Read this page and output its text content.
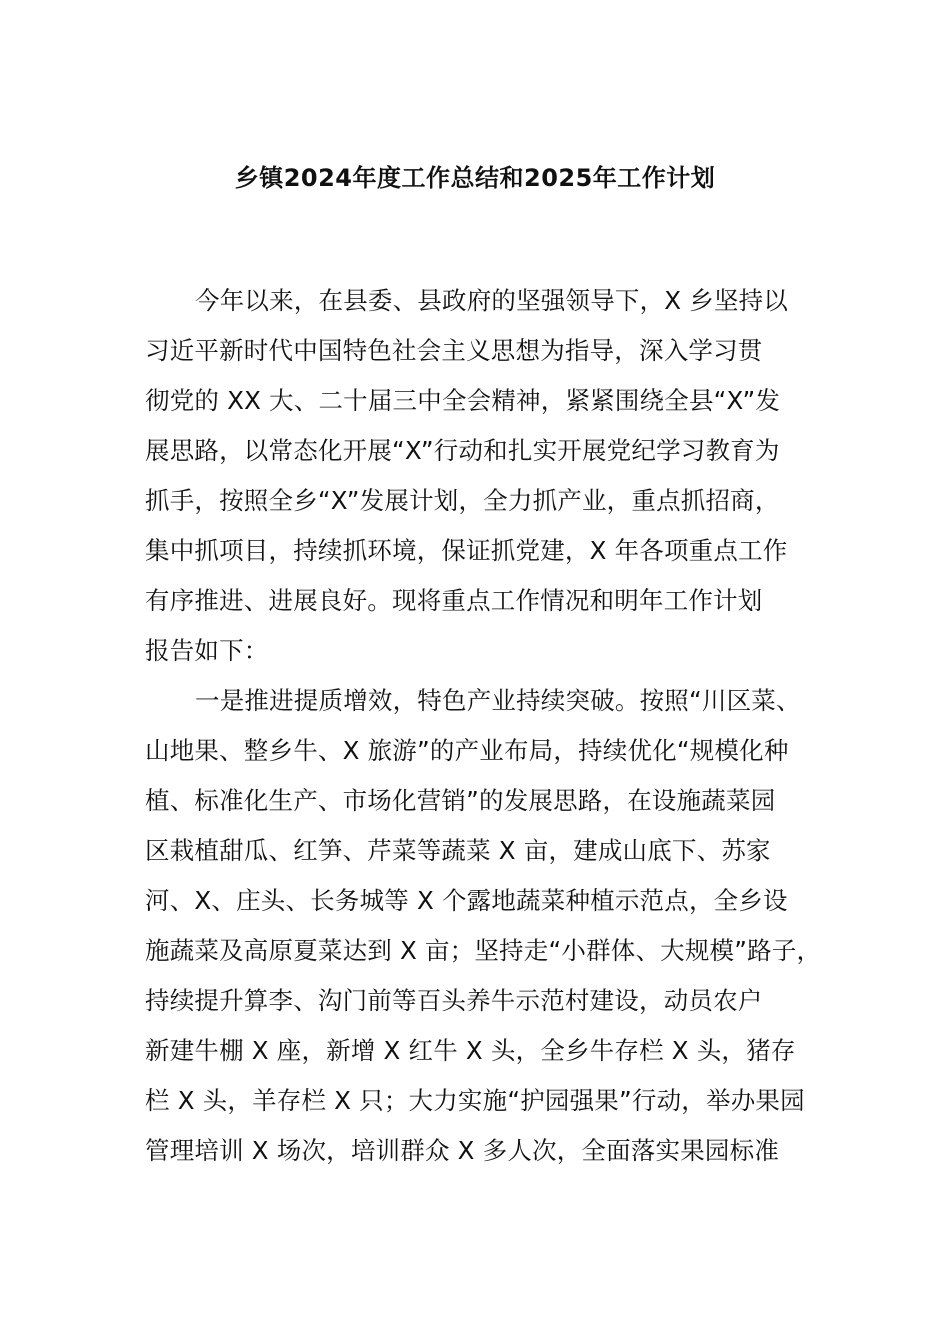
乡镇2024年度工作总结和2025年工作计划
今年以来，在县委、县政府的坚强领导下，X 乡坚持以
习近平新时代中国特色社会主义思想为指导，深入学习贯
彻党的 XX 大、二十届三中全会精神，紧紧围绕全县“X”发
展思路，以常态化开展“X”行动和扎实开展党纪学习教育为
抓手，按照全乡“X”发展计划，全力抓产业，重点抓招商，
集中抓项目，持续抓环境，保证抓党建，X 年各项重点工作
有序推进、进展良好。现将重点工作情况和明年工作计划
报告如下：
一是推进提质增效，特色产业持续突破。按照“川区菜、
山地果、整乡牛、X 旅游”的产业布局，持续优化“规模化种
植、标准化生产、市场化营销”的发展思路，在设施蔬菜园
区栽植甜瓜、红笋、芹菜等蔬菜 X 亩，建成山底下、苏家
河、X、庄头、长务城等 X 个露地蔬菜种植示范点，全乡设
施蔬菜及高原夏菜达到 X 亩；坚持走“小群体、大规模”路子，
持续提升算李、沟门前等百头养牛示范村建设，动员农户
新建牛棚 X 座，新增 X 红牛 X 头，全乡牛存栏 X 头，猪存
栏 X 头，羊存栏 X 只；大力实施“护园强果”行动，举办果园
管理培训 X 场次，培训群众 X 多人次，全面落实果园标准
